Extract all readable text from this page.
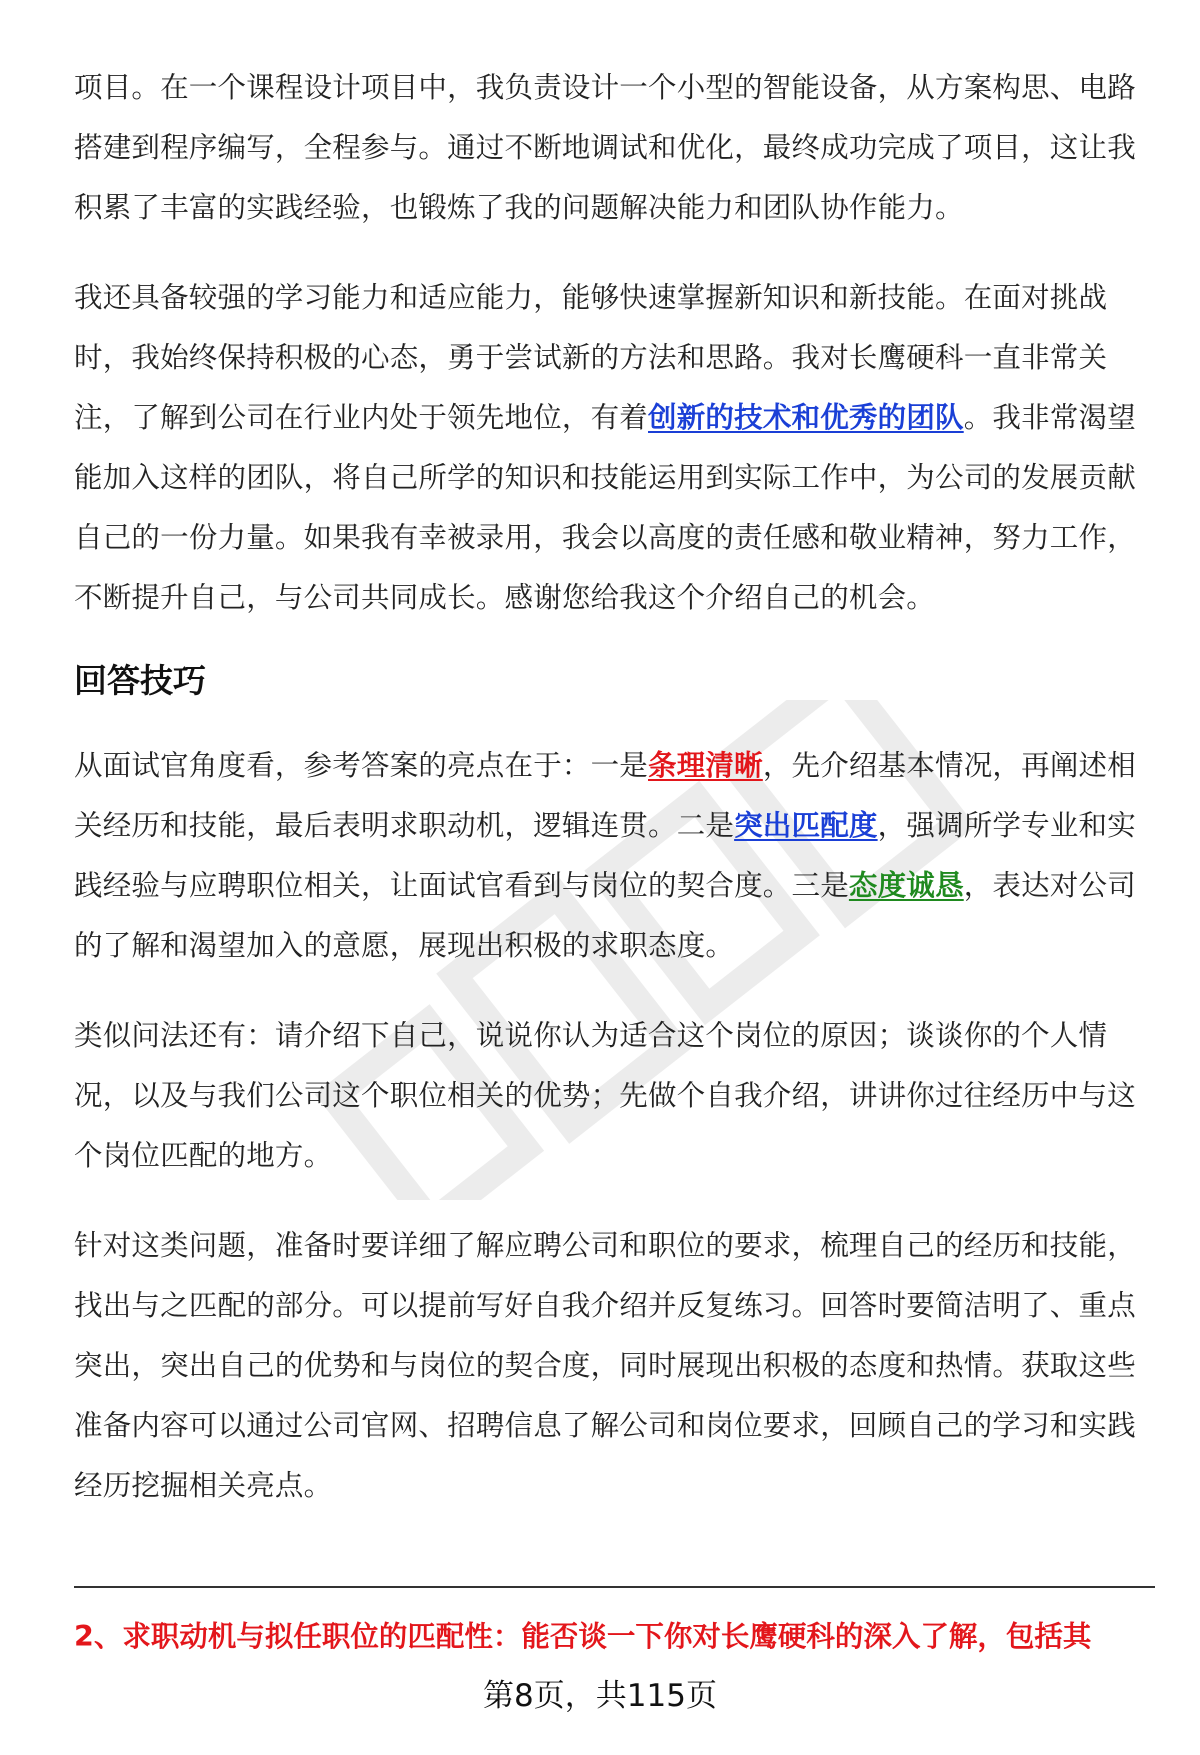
项目。在一个课程设计项目中，我负责设计一个小型的智能设备，从方案构思、电路搭建到程序编写，全程参与。通过不断地调试和优化，最终成功完成了项目，这让我积累了丰富的实践经验，也锻炼了我的问题解决能力和团队协作能力。

我还具备较强的学习能力和适应能力，能够快速掌握新知识和新技能。在面对挑战时，我始终保持积极的心态，勇于尝试新的方法和思路。我对长鹰硬科一直非常关注，了解到公司在行业内处于领先地位，有着创新的技术和优秀的团队。我非常渴望能加入这样的团队，将自己所学的知识和技能运用到实际工作中，为公司的发展贡献自己的一份力量。如果我有幸被录用，我会以高度的责任感和敬业精神，努力工作，不断提升自己，与公司共同成长。感谢您给我这个介绍自己的机会。

回答技巧

从面试官角度看，参考答案的亮点在于：一是条理清晰，先介绍基本情况，再阐述相关经历和技能，最后表明求职动机，逻辑连贯。二是突出匹配度，强调所学专业和实践经验与应聘职位相关，让面试官看到与岗位的契合度。三是态度诚恳，表达对公司的了解和渴望加入的意愿，展现出积极的求职态度。

类似问法还有：请介绍下自己，说说你认为适合这个岗位的原因；谈谈你的个人情况，以及与我们公司这个职位相关的优势；先做个自我介绍，讲讲你过往经历中与这个岗位匹配的地方。

针对这类问题，准备时要详细了解应聘公司和职位的要求，梳理自己的经历和技能，找出与之匹配的部分。可以提前写好自我介绍并反复练习。回答时要简洁明了、重点突出，突出自己的优势和与岗位的契合度，同时展现出积极的态度和热情。获取这些准备内容可以通过公司官网、招聘信息了解公司和岗位要求，回顾自己的学习和实践经历挖掘相关亮点。

2、求职动机与拟任职位的匹配性：能否谈一下你对长鹰硬科的深入了解，包括其
第8页，共115页
